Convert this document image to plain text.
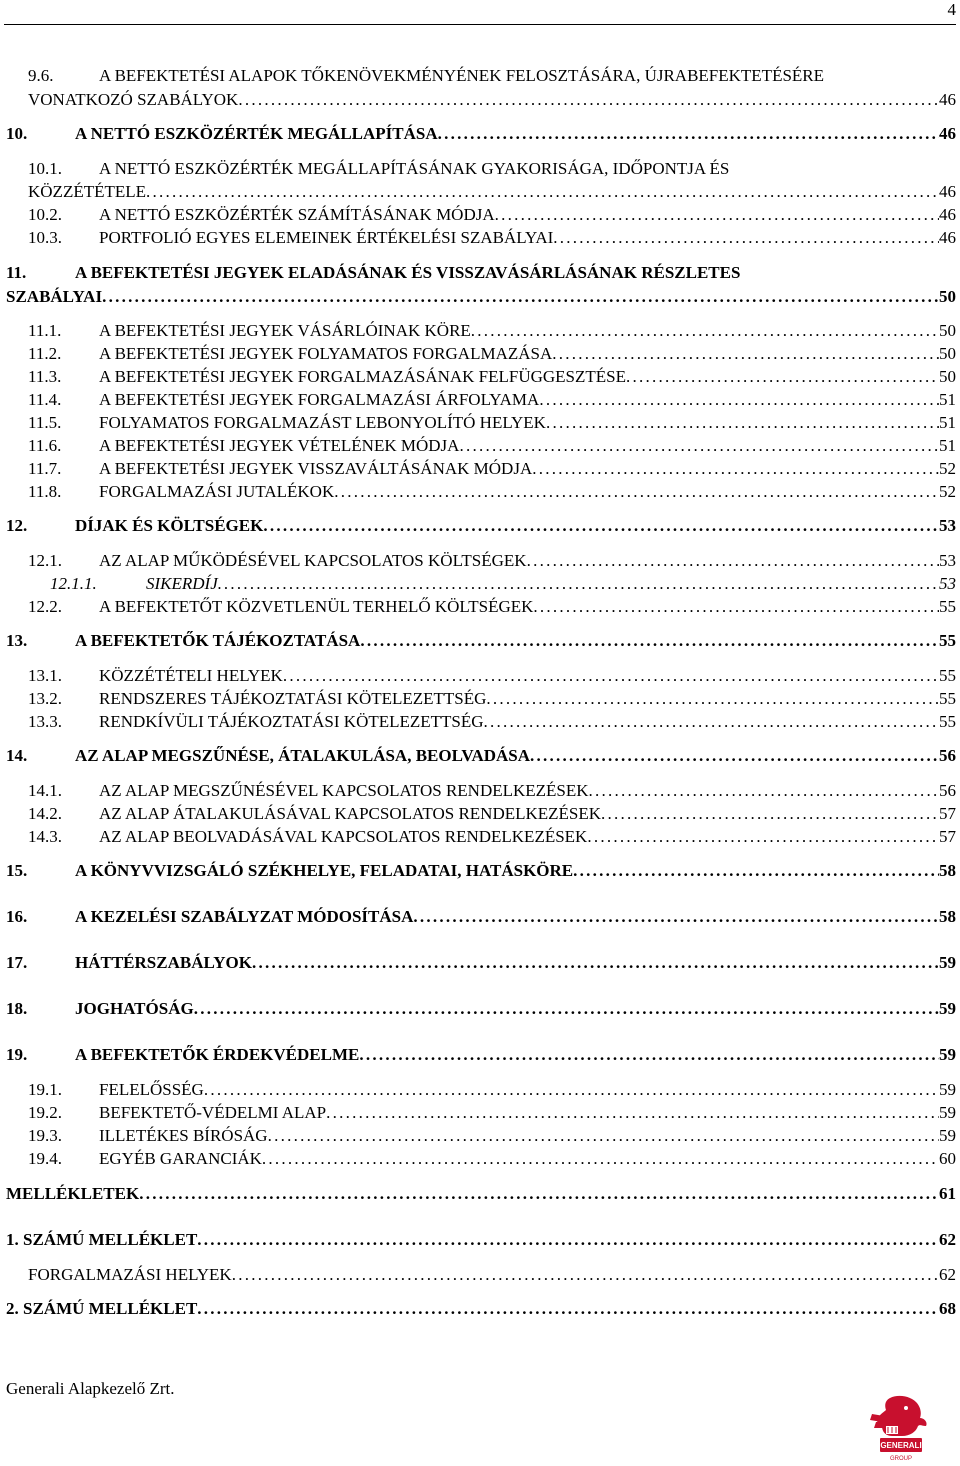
4
9.6.	A BEFEKTETÉSI ALAPOK TŐKENÖVEKMÉNYÉNEK FELOSZTÁSÁRA, ÚJRABEFEKTETÉSÉRE
VONATKOZÓ SZABÁLYOK . . .	46
10.	A NETTÓ ESZKÖZÉRTÉK MEGÁLLAPÍTÁSA . . .	46
10.1. A NETTÓ ESZKÖZÉRTÉK MEGÁLLAPÍTÁSÁNAK GYAKORISÁGA, IDŐPONTJA ÉS
KÖZZÉTÉTELE . . .	46
10.2. A NETTÓ ESZKÖZÉRTÉK SZÁMÍTÁSÁNAK MÓDJA . . .	46
10.3. PORTFOLIÓ EGYES ELEMEINEK ÉRTÉKELÉSI SZABÁLYAI . . .	46
11.	A BEFEKTETÉSI JEGYEK ELADÁSÁNAK ÉS VISSZAVÁSÁRLÁSÁNAK RÉSZLETES
SZABÁLYAI . . .	50
11.1. A BEFEKTETÉSI JEGYEK VÁSÁRLÓINAK KÖRE . . .	50
11.2. A BEFEKTETÉSI JEGYEK FOLYAMATOS FORGALMAZÁSA . . .	50
11.3. A BEFEKTETÉSI JEGYEK FORGALMAZÁSÁNAK FELFÜGGESZTÉSE . . .	50
11.4. A BEFEKTETÉSI JEGYEK FORGALMAZÁSI ÁRFOLYAMA . . .	51
11.5. FOLYAMATOS FORGALMAZÁST LEBONYOLÍTÓ HELYEK . . .	51
11.6. A BEFEKTETÉSI JEGYEK VÉTELÉNEK MÓDJA . . .	51
11.7. A BEFEKTETÉSI JEGYEK VISSZAVÁLTÁSÁNAK MÓDJA . . .	52
11.8. FORGALMAZÁSI JUTALÉKOK . . .	52
12.	DÍJAK ÉS KÖLTSÉGEK . . .	53
12.1. AZ ALAP MŰKÖDÉSÉVEL KAPCSOLATOS KÖLTSÉGEK . . .	53
12.1.1.	SIKERDÍJ . . .	53
12.2. A BEFEKTETŐT KÖZVETLENÜL TERHELŐ KÖLTSÉGEK . . .	55
13.	A BEFEKTETŐK TÁJÉKOZTATÁSA . . .	55
13.1. KÖZZÉTÉTELI HELYEK . . .	55
13.2. RENDSZERES TÁJÉKOZTATÁSI KÖTELEZETTSÉG . . .	55
13.3. RENDKÍVÜLI TÁJÉKOZTATÁSI KÖTELEZETTSÉG . . .	55
14.	AZ ALAP MEGSZŰNÉSE, ÁTALAKULÁSA, BEOLVADÁSA . . .	56
14.1. AZ ALAP MEGSZŰNÉSÉVEL KAPCSOLATOS RENDELKEZÉSEK . . .	56
14.2. AZ ALAP ÁTALAKULÁSÁVAL KAPCSOLATOS RENDELKEZÉSEK . . .	57
14.3. AZ ALAP BEOLVADÁSÁVAL KAPCSOLATOS RENDELKEZÉSEK . . .	57
15.	A KÖNYVVIZSGÁLÓ SZÉKHELYE, FELADATAI, HATÁSKÖRE . . .	58
16.	A KEZELÉSI SZABÁLYZAT MÓDOSÍTÁSA . . .	58
17.	HÁTTÉRSZABÁLYOK . . .	59
18.	JOGHATÓSÁG . . .	59
19.	A BEFEKTETŐK ÉRDEKVÉDELME . . .	59
19.1. FELELŐSSÉG . . .	59
19.2. BEFEKTETŐ-VÉDELMI ALAP . . .	59
19.3. ILLETÉKES BÍRÓSÁG . . .	59
19.4. EGYÉB GARANCIÁK . . .	60
MELLÉKLETEK . . .	61
1. SZÁMÚ MELLÉKLET . . .	62
FORGALMAZÁSI HELYEK . . .	62
2. SZÁMÚ MELLÉKLET . . .	68
Generali Alapkezelő Zrt.
GENERALI
GROUP
